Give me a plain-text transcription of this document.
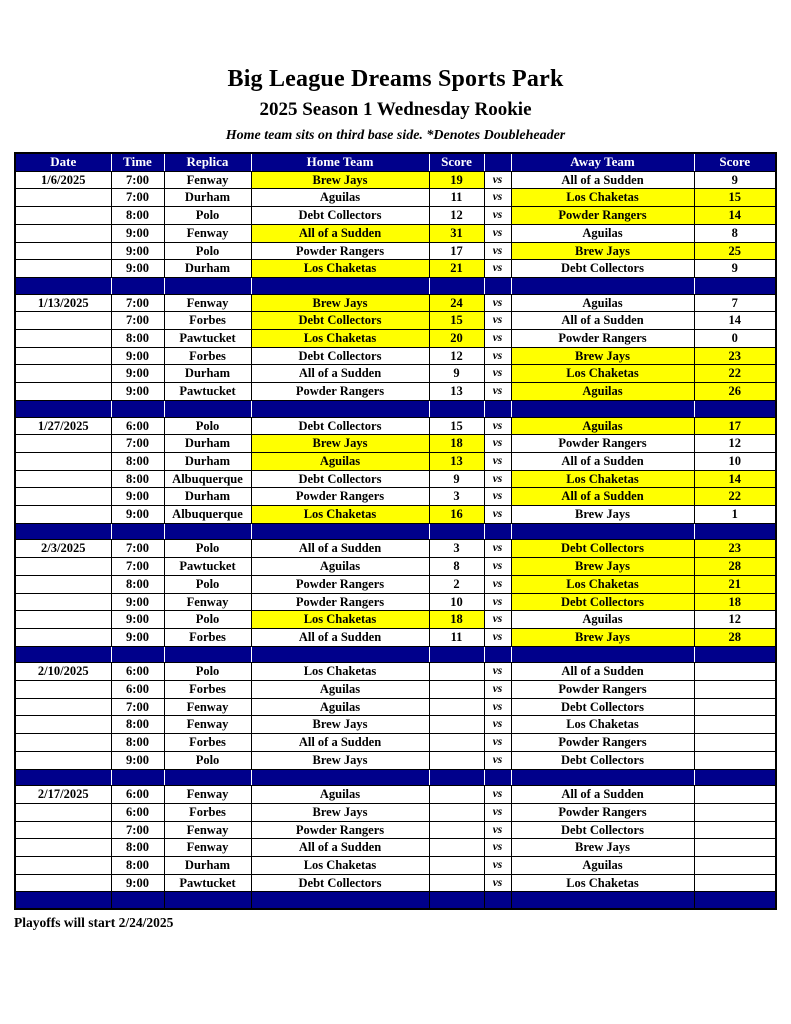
Big League Dreams Sports Park
2025 Season 1 Wednesday Rookie
Home team sits on third base side. *Denotes Doubleheader
Date	Time	Replica	Home Team	Score		Away Team	Score
1/6/2025	7:00	Fenway	Brew Jays	19	vs	All of a Sudden	9
	7:00	Durham	Aguilas	11	vs	Los Chaketas	15
	8:00	Polo	Debt Collectors	12	vs	Powder Rangers	14
	9:00	Fenway	All of a Sudden	31	vs	Aguilas	8
	9:00	Polo	Powder Rangers	17	vs	Brew Jays	25
	9:00	Durham	Los Chaketas	21	vs	Debt Collectors	9

1/13/2025	7:00	Fenway	Brew Jays	24	vs	Aguilas	7
	7:00	Forbes	Debt Collectors	15	vs	All of a Sudden	14
	8:00	Pawtucket	Los Chaketas	20	vs	Powder Rangers	0
	9:00	Forbes	Debt Collectors	12	vs	Brew Jays	23
	9:00	Durham	All of a Sudden	9	vs	Los Chaketas	22
	9:00	Pawtucket	Powder Rangers	13	vs	Aguilas	26

1/27/2025	6:00	Polo	Debt Collectors	15	vs	Aguilas	17
	7:00	Durham	Brew Jays	18	vs	Powder Rangers	12
	8:00	Durham	Aguilas	13	vs	All of a Sudden	10
	8:00	Albuquerque	Debt Collectors	9	vs	Los Chaketas	14
	9:00	Durham	Powder Rangers	3	vs	All of a Sudden	22
	9:00	Albuquerque	Los Chaketas	16	vs	Brew Jays	1

2/3/2025	7:00	Polo	All of a Sudden	3	vs	Debt Collectors	23
	7:00	Pawtucket	Aguilas	8	vs	Brew Jays	28
	8:00	Polo	Powder Rangers	2	vs	Los Chaketas	21
	9:00	Fenway	Powder Rangers	10	vs	Debt Collectors	18
	9:00	Polo	Los Chaketas	18	vs	Aguilas	12
	9:00	Forbes	All of a Sudden	11	vs	Brew Jays	28

2/10/2025	6:00	Polo	Los Chaketas		vs	All of a Sudden	
	6:00	Forbes	Aguilas		vs	Powder Rangers	
	7:00	Fenway	Aguilas		vs	Debt Collectors	
	8:00	Fenway	Brew Jays		vs	Los Chaketas	
	8:00	Forbes	All of a Sudden		vs	Powder Rangers	
	9:00	Polo	Brew Jays		vs	Debt Collectors	

2/17/2025	6:00	Fenway	Aguilas		vs	All of a Sudden	
	6:00	Forbes	Brew Jays		vs	Powder Rangers	
	7:00	Fenway	Powder Rangers		vs	Debt Collectors	
	8:00	Fenway	All of a Sudden		vs	Brew Jays	
	8:00	Durham	Los Chaketas		vs	Aguilas	
	9:00	Pawtucket	Debt Collectors		vs	Los Chaketas	

Playoffs will start 2/24/2025
